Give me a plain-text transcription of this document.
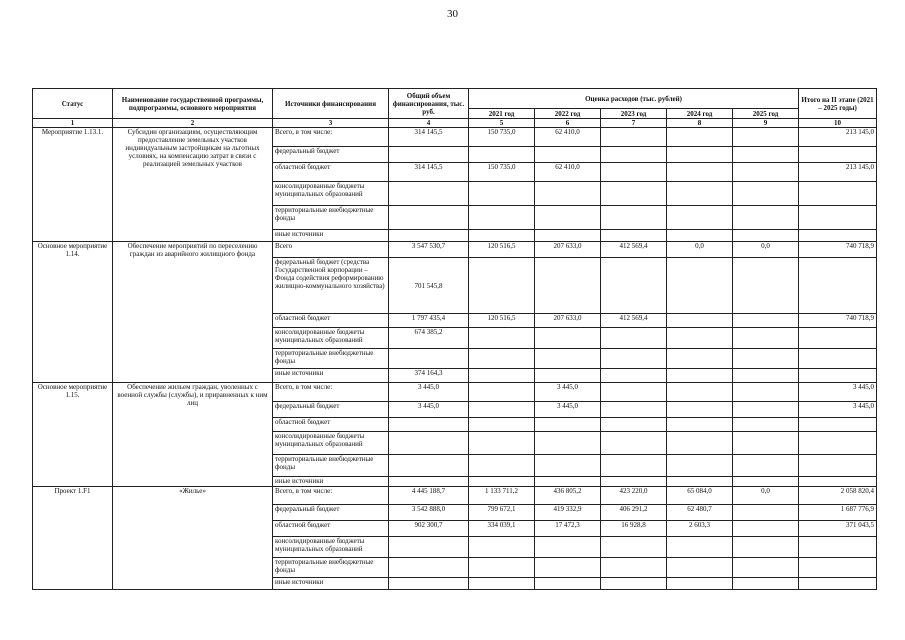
30
Статус	Наименование государственной программы, подпрограммы, основного мероприятия	Источники финансирования	Общий объем финансирования, тыс. руб.	Оценка расходов (тыс. рублей)					Итого на II этапе (2021 – 2025 годы)
				2021 год	2022 год	2023 год	2024 год	2025 год	
1	2	3	4	5	6	7	8	9	10
Мероприятие 1.13.1.	Субсидии организациям, осуществляющим предоставление земельных участков индивидуальным застройщикам на льготных условиях, на компенсацию затрат в связи с реализацией земельных участков	Всего, в том числе:	314 145,5	150 735,0	62 410,0				213 145,0
		федеральный бюджет							
		областной бюджет	314 145,5	150 735,0	62 410,0				213 145,0
		консолидированные бюджеты муниципальных образований							
		территориальные внебюджетные фонды							
		иные источники							
Основное мероприятие 1.14.	Обеспечение мероприятий по переселению граждан из аварийного жилищного фонда	Всего	3 547 530,7	120 516,5	207 633,0	412 569,4	0,0	0,0	740 718,9
		федеральный бюджет (средства Государственной корпорации – Фонда содействия реформированию жилищно-коммунального хозяйства)	701 545,8						
		областной бюджет	1 797 435,4	120 516,5	207 633,0	412 569,4			740 718,9
		консолидированные бюджеты муниципальных образований	674 385,2						
		территориальные внебюджетные фонды							
		иные источники	374 164,3						
Основное мероприятие 1.15.	Обеспечение жильем граждан, уволенных с военной службы (службы), и приравненных к ним лиц	Всего, в том числе:	3 445,0		3 445,0				3 445,0
		федеральный бюджет	3 445,0		3 445,0				3 445,0
		областной бюджет							
		консолидированные бюджеты муниципальных образований							
		территориальные внебюджетные фонды							
		иные источники							
Проект 1.F1	«Жилье»	Всего, в том числе:	4 445 188,7	1 133 711,2	436 805,2	423 220,0	65 084,0	0,0	2 058 820,4
		федеральный бюджет	3 542 888,0	799 672,1	419 332,9	406 291,2	62 480,7		1 687 776,9
		областной бюджет	902 300,7	334 039,1	17 472,3	16 928,8	2 603,3		371 043,5
		консолидированные бюджеты муниципальных образований							
		территориальные внебюджетные фонды							
		иные источники							
